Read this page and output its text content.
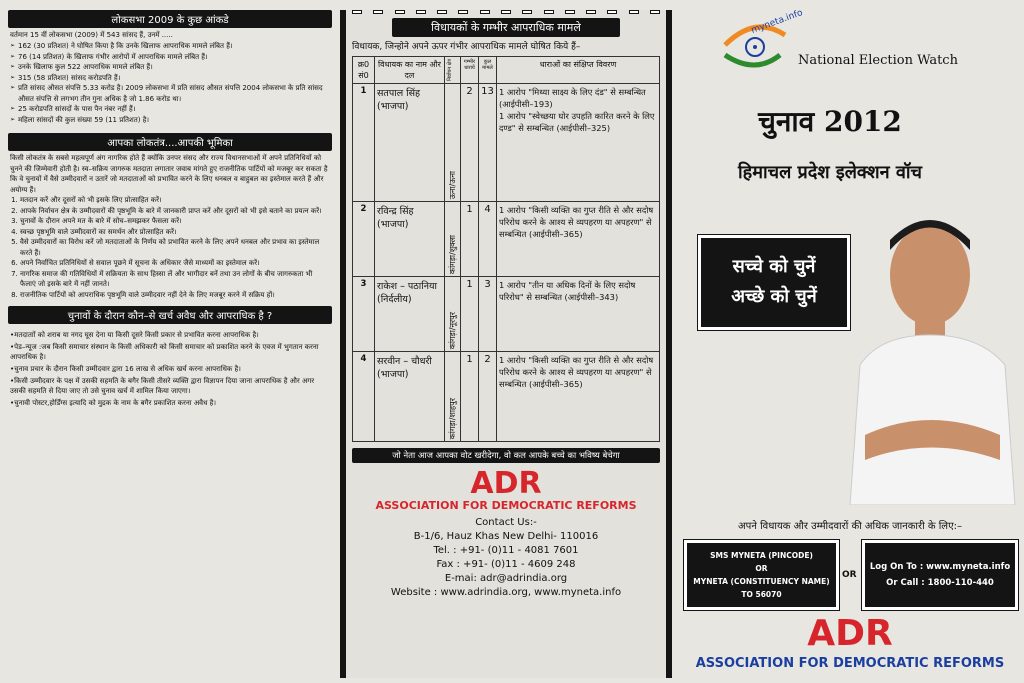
लोकसभा 2009 के कुछ आंकडे
वर्तमान 15 वीं लोकसभा (2009) में 543 सांसद हैं, उनमें .....
➢ 162 (30 प्रतिशत) ने घोषित किया है कि उनके खिलाफ आपराधिक मामले लंबित हैं।
➢ 76 (14 प्रतिशत) के खिलाफ गंभीर आरोपों में आपराधिक मामले लंबित हैं।
➢ उनके खिलाफ कुल 522 आपराधिक मामले लंबित हैं।
➢ 315 (58 प्रतिशत) सांसद करोडपति हैं।
➢ प्रति सांसद औसत संपत्ति 5.33 करोड है। 2009 लोकसभा में प्रति सांसद औसत संपत्ति 2004 लोकसभा के प्रति सांसद औसत संपत्ति से लगभग तीन गुना अधिक है जो 1.86 करोड था।
➢ 25 करोडपति सांसदों के पास पैन नंबर नहीं हैं।
➢ महिला सांसदों की कुल संख्या 59 (11 प्रतिशत) है।
आपका लोकतंत्र....आपकी भूमिका
किसी लोकतंत्र के सबसे महत्वपूर्ण अंग नागरिक होते हैं क्योंकि उनपर संसद और राज्य विधानसभाओं में अपने प्रतिनिधियों को चुनने की जिम्मेवारी होती है। स्व–सक्रिय जागरुक मतदाता लगातार जवाब मांगते हुए राजनीतिक पार्टियों को मजबूर कर सकता है कि वे चुनावों में वैसे उम्मीदवारों न उतारें जो मतदाताओं को प्रभावित करने के लिए धनबल व बाहुबल का इस्तेमाल करते हैं और अयोग्य हैं।
1. मतदान करें और दूसरों को भी इसके लिए प्रोत्साहित करें।
2. आपके निर्वाचन क्षेत्र के उम्मीदवारों की पृष्ठभूमि के बारे में जानकारी प्राप्त करें और दूसरों को भी इसे बताने का प्रयत्न करें।
3. चुनावों के दौरान अपने मत के बारे में सोच–समझकर फैसला करें।
4. स्वच्छ पृष्ठभूमि वाले उम्मीदवारों का समर्थन और प्रोत्साहित करें।
5. वैसे उम्मीदवारों का विरोध करें जो मतदाताओं के निर्णय को प्रभावित करने के लिए अपने धनबल और प्रभाव का इस्तेमाल करते हैं।
6. अपने निर्वाचित प्रतिनिधियों से सवाल पूछने में सूचना के अधिकार जैसे माध्यमों का इस्तेमाल करें।
7. नागरिक समाज की गतिविधियों में सक्रियता के साथ हिस्सा लें और भागीदार बनें तथा उन लोगों के बीच जागरुकता भी फैलाएं जो इसके बारे में नहीं जानते।
8. राजनीतिक पार्टियों को आपराधिक पृष्ठभूमि वाले उम्मीदवार नहीं देने के लिए मजबूर करने में सक्रिय हों।
चुनावों के दौरान कौन–से खर्च अवैध और आपराधिक है ?
•मतदाताों को शराब या नगद घूस देना या किसी दूसरे किसी प्रकार से प्रभावित करना आपराधिक है।
•पेड–न्यूज :जब किसी समाचार संस्थान के किसी अधिकारी को किसी समाचार को प्रकाशित करने के एवज में भुगतान करना आपराधिक है।
•चुनाव प्रचार के दौरान किसी उम्मीदवार द्वारा 16 लाख से अधिक खर्च करना आपराधिक है।
•किसी उम्मीदवार के पक्ष में उसकी सहमति के बगैर किसी तीसरे व्यक्ति द्वारा विज्ञापन दिया जाना आपराधिक है और अगर उसकी सहमति से दिया जाए तो उसे चुनाव खर्च में शामिल किया जाएगा।
•चुनावी पोस्टर,होर्डिंग्स इत्यादि को मुद्रक के नाम के बगैर प्रकाशित करना अवैध है।
विधायकों के गम्भीर आपराधिक मामले
विधायक, जिन्होने अपने ऊपर गंभीर आपराधिक मामले घोषित किये हैं–
क्र0 सं0	विधायक का नाम और दल	निर्वाचन क्षेत्र	गम्भीर धारायें	कुल मामले	धाराओं का संक्षिप्त विवरण
1	सतपाल सिंह (भाजपा)	ऊना/ऊना	2	13	1 आरोप "मिथ्या साक्ष्य के लिए दंड" से सम्बन्धित (आईपीसी–193)
1 आरोप "स्वेच्छया घोर उपहति कारित करने के लिए दण्ड" से सम्बन्धित (आईपीसी–325)
2	रविन्द्र सिंह (भाजपा)	कांगड़ा/शुक्ला	1	4	1 आरोप "किसी व्यक्ति का गुप्त रीति से और सदोष परिरोध करने के आश्य से व्यपहरण या अपहरण" से सम्बन्धित (आईपीसी–365)
3	राकेश – पठानिया (निर्दलीय)	कांगड़ा/नूरपुर	1	3	1 आरोप "तीन या अधिक दिनों के लिए सदोष परिरोध" से सम्बन्धित (आईपीसी–343)
4	सरवीन – चौधरी (भाजपा)	कांगड़ा/शाहपुर	1	2	1 आरोप "किसी व्यक्ति का गुप्त रीति से और सदोष परिरोध करने के आश्य से व्यपहरण या अपहरण" से सम्बन्धित (आईपीसी–365)
जो नेता आज आपका वोट खरीदेगा, वो कल आपके बच्चे का भविष्य बेचेगा
ADR
ASSOCIATION FOR DEMOCRATIC REFORMS
Contact Us:-
B-1/6, Hauz Khas New Delhi- 110016
Tel. : +91- (0)11 - 4081 7601
Fax : +91- (0)11 - 4609 248
E-mai: adr@adrindia.org
Website : www.adrindia.org, www.myneta.info
myneta.info
National Election Watch
चुनाव 2012
हिमाचल प्रदेश इलेक्शन वॉच
सच्चे को चुनें
अच्छे को चुनें
अपने विधायक और उम्मीदवारों की अधिक जानकारी के लिए:–
SMS MYNETA (PINCODE)
OR
MYNETA (CONSTITUENCY NAME)
TO 56070
OR
Log On To : www.myneta.info
Or Call : 1800-110-440
ADR
ASSOCIATION FOR DEMOCRATIC REFORMS
